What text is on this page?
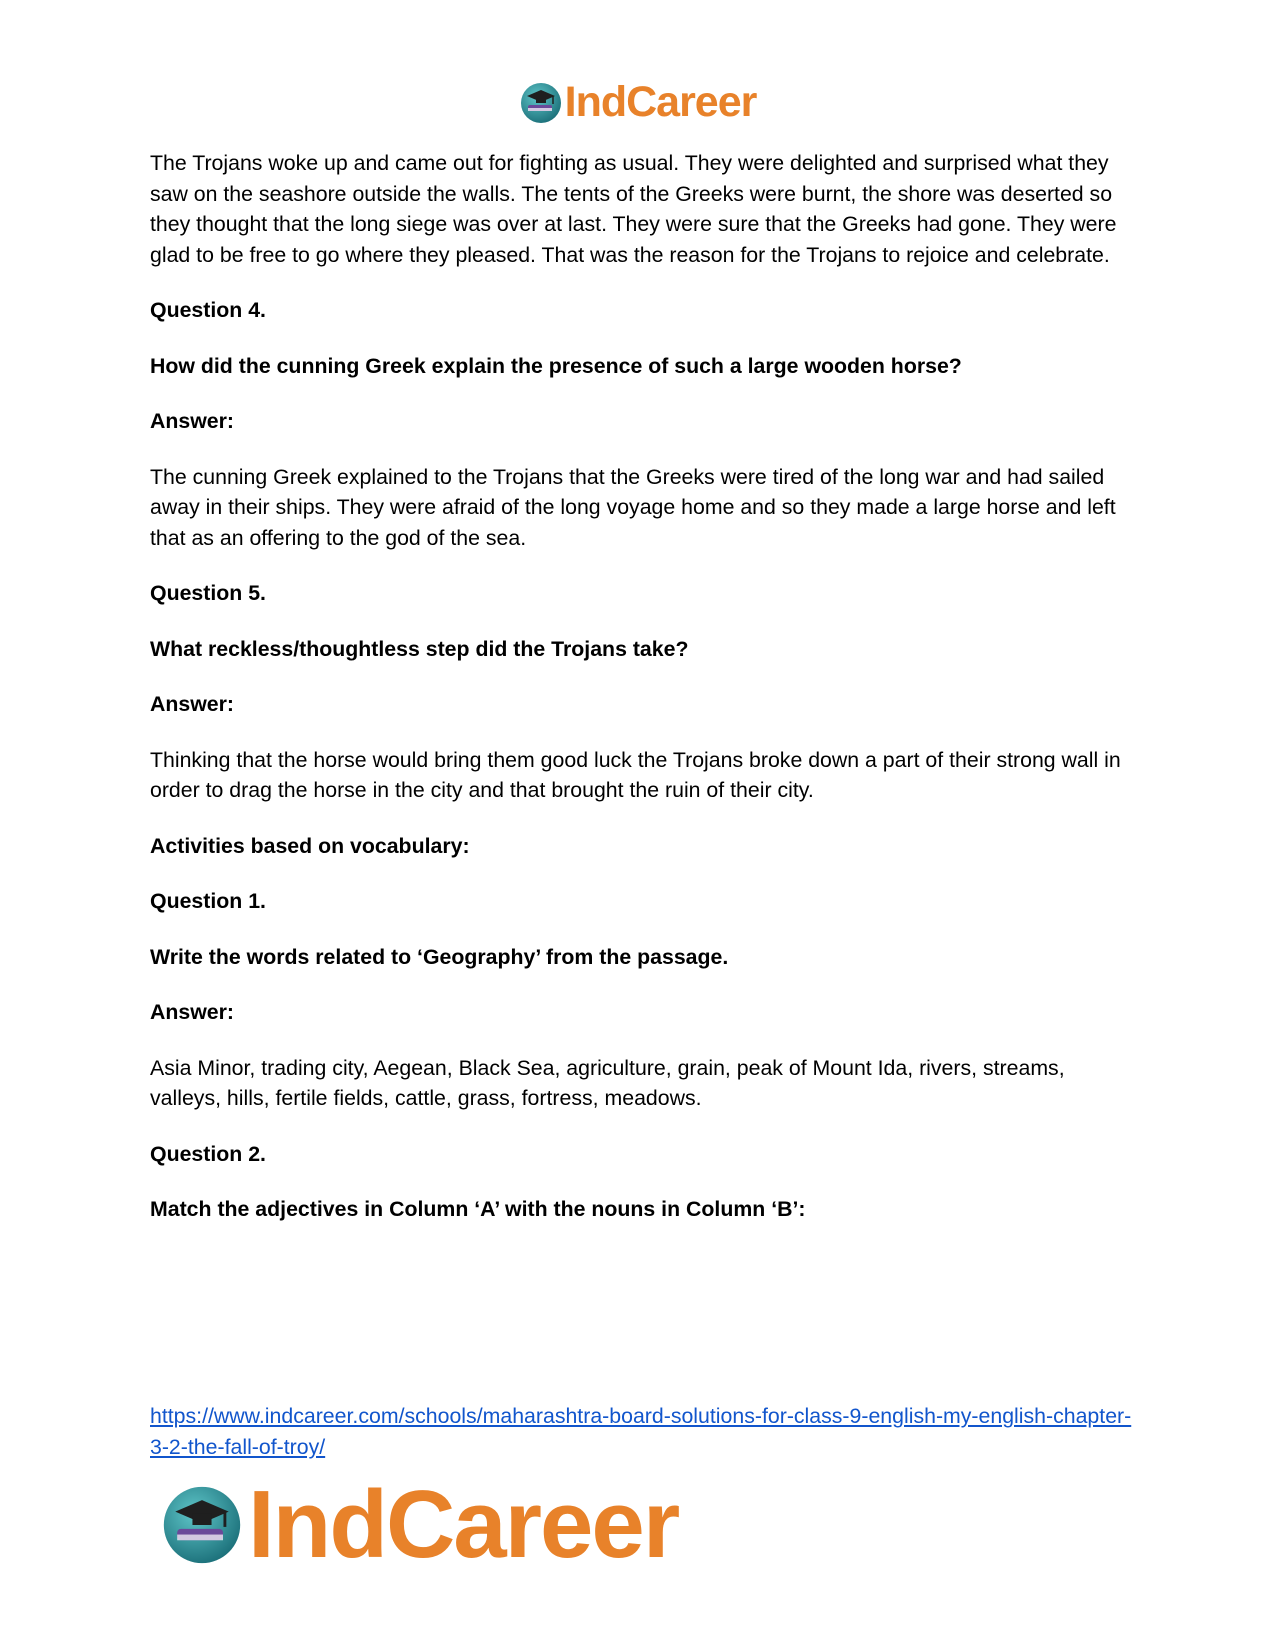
IndCareer

The Trojans woke up and came out for fighting as usual. They were delighted and surprised what they saw on the seashore outside the walls. The tents of the Greeks were burnt, the shore was deserted so they thought that the long siege was over at last. They were sure that the Greeks had gone. They were glad to be free to go where they pleased. That was the reason for the Trojans to rejoice and celebrate.

Question 4.

How did the cunning Greek explain the presence of such a large wooden horse?

Answer:

The cunning Greek explained to the Trojans that the Greeks were tired of the long war and had sailed away in their ships. They were afraid of the long voyage home and so they made a large horse and left that as an offering to the god of the sea.

Question 5.

What reckless/thoughtless step did the Trojans take?

Answer:

Thinking that the horse would bring them good luck the Trojans broke down a part of their strong wall in order to drag the horse in the city and that brought the ruin of their city.

Activities based on vocabulary:

Question 1.

Write the words related to ‘Geography’ from the passage.

Answer:

Asia Minor, trading city, Aegean, Black Sea, agriculture, grain, peak of Mount Ida, rivers, streams, valleys, hills, fertile fields, cattle, grass, fortress, meadows.

Question 2.

Match the adjectives in Column ‘A’ with the nouns in Column ‘B’:

https://www.indcareer.com/schools/maharashtra-board-solutions-for-class-9-english-my-english-chapter-3-2-the-fall-of-troy/
IndCareer
